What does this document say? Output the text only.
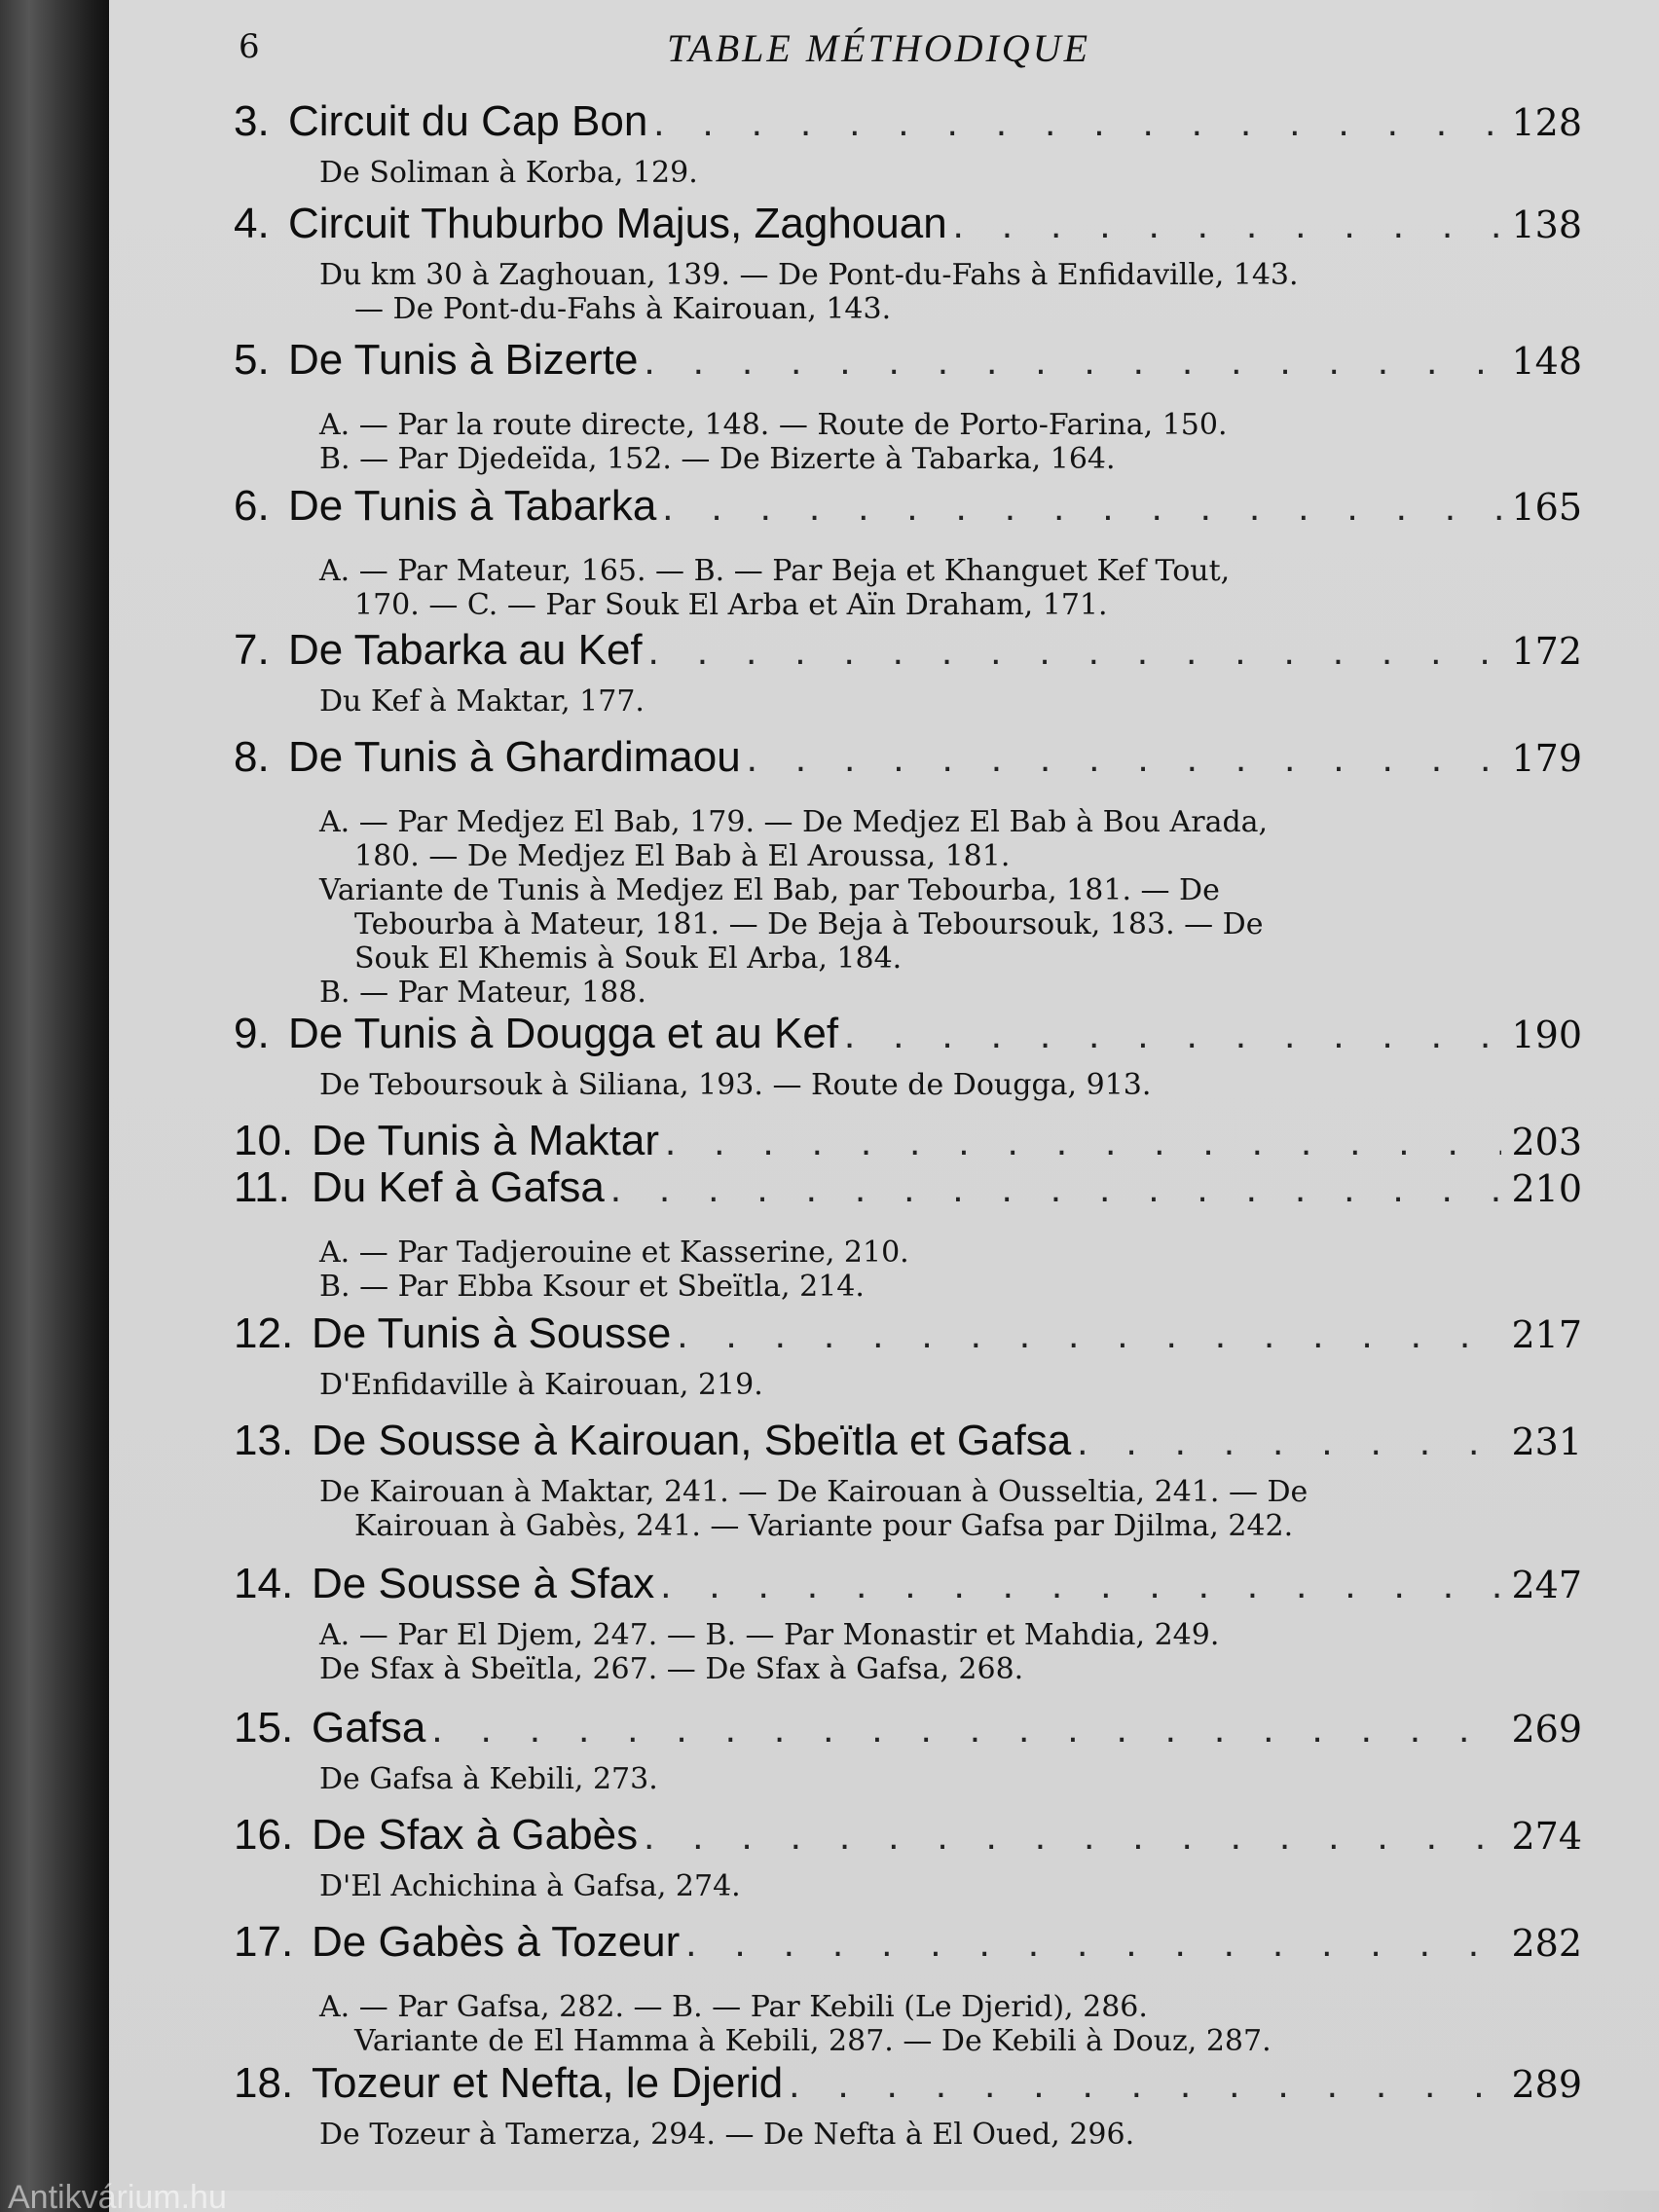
6	TABLE MÉTHODIQUE
3. Circuit du Cap Bon . . .	128

De Soliman à Korba, 129.

4. Circuit Thuburbo Majus, Zaghouan . . .	138

Du km 30 à Zaghouan, 139. — De Pont-du-Fahs à Enfidaville, 143.

— De Pont-du-Fahs à Kairouan, 143.

5. De Tunis à Bizerte . . .	148

A. — Par la route directe, 148. — Route de Porto-Farina, 150.

B. — Par Djedeïda, 152. — De Bizerte à Tabarka, 164.

6. De Tunis à Tabarka . . .	165

A. — Par Mateur, 165. — B. — Par Beja et Khanguet Kef Tout,

170. — C. — Par Souk El Arba et Aïn Draham, 171.

7. De Tabarka au Kef . . .	172

Du Kef à Maktar, 177.

8. De Tunis à Ghardimaou . . .	179

A. — Par Medjez El Bab, 179. — De Medjez El Bab à Bou Arada,

180. — De Medjez El Bab à El Aroussa, 181.

Variante de Tunis à Medjez El Bab, par Tebourba, 181. — De

Tebourba à Mateur, 181. — De Beja à Teboursouk, 183. — De

Souk El Khemis à Souk El Arba, 184.

B. — Par Mateur, 188.

9. De Tunis à Dougga et au Kef . . .	190

De Teboursouk à Siliana, 193. — Route de Dougga, 913.

10. De Tunis à Maktar . . .	203
11. Du Kef à Gafsa . . .	210

A. — Par Tadjerouine et Kasserine, 210.

B. — Par Ebba Ksour et Sbeïtla, 214.

12. De Tunis à Sousse . . .	217

D'Enfidaville à Kairouan, 219.

13. De Sousse à Kairouan, Sbeïtla et Gafsa . . .	231

De Kairouan à Maktar, 241. — De Kairouan à Ousseltia, 241. — De

Kairouan à Gabès, 241. — Variante pour Gafsa par Djilma, 242.

14. De Sousse à Sfax . . .	247

A. — Par El Djem, 247. — B. — Par Monastir et Mahdia, 249.

De Sfax à Sbeïtla, 267. — De Sfax à Gafsa, 268.

15. Gafsa . . .	269

De Gafsa à Kebili, 273.

16. De Sfax à Gabès . . .	274

D'El Achichina à Gafsa, 274.

17. De Gabès à Tozeur . . .	282

A. — Par Gafsa, 282. — B. — Par Kebili (Le Djerid), 286.

Variante de El Hamma à Kebili, 287. — De Kebili à Douz, 287.

18. Tozeur et Nefta, le Djerid . . .	289

De Tozeur à Tamerza, 294. — De Nefta à El Oued, 296.

Antikvárium.hu
